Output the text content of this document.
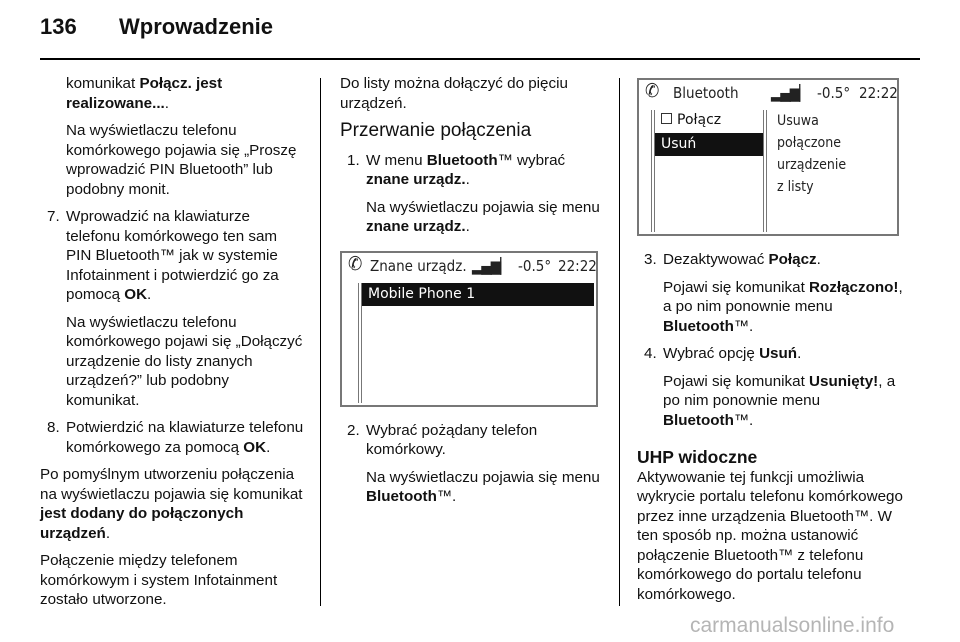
136 Wprowadzenie

komunikat Połącz. jest realizowane....

Na wyświetlaczu telefonu komórkowego pojawia się „Proszę wprowadzić PIN Bluetooth” lub podobny monit.

7. Wprowadzić na klawiaturze telefonu komórkowego ten sam PIN Bluetooth™ jak w systemie Infotainment i potwierdzić go za pomocą OK.

Na wyświetlaczu telefonu komórkowego pojawi się „Dołączyć urządzenie do listy znanych urządzeń?” lub podobny komunikat.

8. Potwierdzić na klawiaturze telefonu komórkowego za pomocą OK.

Po pomyślnym utworzeniu połączenia na wyświetlaczu pojawia się komunikat jest dodany do połączonych urządzeń.

Połączenie między telefonem komórkowym i system Infotainment zostało utworzone.

Do listy można dołączyć do pięciu urządzeń.

Przerwanie połączenia
1. W menu Bluetooth™ wybrać znane urządz..

Na wyświetlaczu pojawia się menu znane urządz..

✆ Znane urządz. ▂▄▆▏ -0.5° 22:22
Mobile Phone 1
2. Wybrać pożądany telefon komórkowy.

Na wyświetlaczu pojawia się menu Bluetooth™.

✆ Bluetooth ▂▄▆▏ -0.5° 22:22
Połącz
Usuń
Usuwa
połączone
urządzenie
z listy
3. Dezaktywować Połącz.

Pojawi się komunikat Rozłączono!, a po nim ponownie menu Bluetooth™.

4. Wybrać opcję Usuń.

Pojawi się komunikat Usunięty!, a po nim ponownie menu Bluetooth™.

UHP widoczne

Aktywowanie tej funkcji umożliwia wykrycie portalu telefonu komórkowego przez inne urządzenia Bluetooth™. W ten sposób np. można ustanowić połączenie Bluetooth™ z telefonu komórkowego do portalu telefonu komórkowego.

carmanualsonline.info
